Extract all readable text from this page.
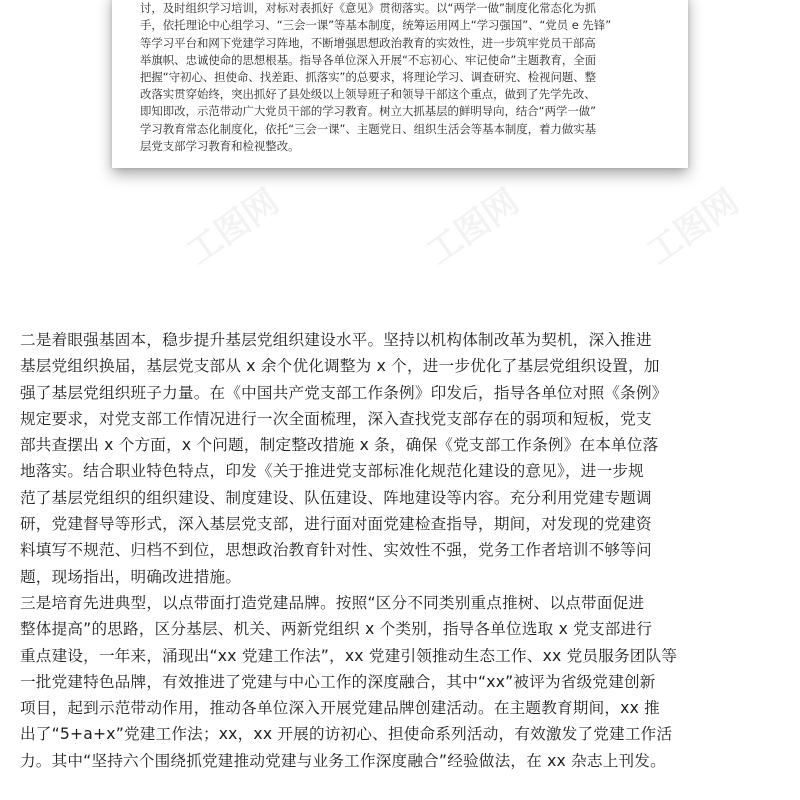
讨，及时组织学习培训，对标对表抓好《意见》贯彻落实。以“两学一做”制度化常态化为抓
手，依托理论中心组学习、“三会一课”等基本制度，统筹运用网上“学习强国”、“党员 e 先锋”
等学习平台和网下党建学习阵地，不断增强思想政治教育的实效性，进一步筑牢党员干部高
举旗帜、忠诚使命的思想根基。指导各单位深入开展“不忘初心、牢记使命”主题教育，全面
把握“守初心、担使命、找差距、抓落实”的总要求，将理论学习、调查研究、检视问题、整
改落实贯穿始终，突出抓好了县处级以上领导班子和领导干部这个重点，做到了先学先改、
即知即改，示范带动广大党员干部的学习教育。树立大抓基层的鲜明导向，结合“两学一做”
学习教育常态化制度化，依托“三会一课”、主题党日、组织生活会等基本制度，着力做实基
层党支部学习教育和检视整改。
工图网	工图网	工图网
二是着眼强基固本，稳步提升基层党组织建设水平。坚持以机构体制改革为契机，深入推进
基层党组织换届，基层党支部从 x 余个优化调整为 x 个，进一步优化了基层党组织设置，加
强了基层党组织班子力量。在《中国共产党支部工作条例》印发后，指导各单位对照《条例》
规定要求，对党支部工作情况进行一次全面梳理，深入查找党支部存在的弱项和短板，党支
部共查摆出 x 个方面，x 个问题，制定整改措施 x 条，确保《党支部工作条例》在本单位落
地落实。结合职业特色特点，印发《关于推进党支部标准化规范化建设的意见》，进一步规
范了基层党组织的组织建设、制度建设、队伍建设、阵地建设等内容。充分利用党建专题调
研，党建督导等形式，深入基层党支部，进行面对面党建检查指导，期间，对发现的党建资
料填写不规范、归档不到位，思想政治教育针对性、实效性不强，党务工作者培训不够等问
题，现场指出，明确改进措施。
三是培育先进典型，以点带面打造党建品牌。按照“区分不同类别重点推树、以点带面促进
整体提高”的思路，区分基层、机关、两新党组织 x 个类别，指导各单位选取 x 党支部进行
重点建设，一年来，涌现出“xx 党建工作法”，xx 党建引领推动生态工作、xx 党员服务团队等
一批党建特色品牌，有效推进了党建与中心工作的深度融合，其中“xx”被评为省级党建创新
项目，起到示范带动作用，推动各单位深入开展党建品牌创建活动。在主题教育期间，xx 推
出了“5+a+x”党建工作法；xx，xx 开展的访初心、担使命系列活动，有效激发了党建工作活
力。其中“坚持六个围绕抓党建推动党建与业务工作深度融合”经验做法，在 xx 杂志上刊发。
